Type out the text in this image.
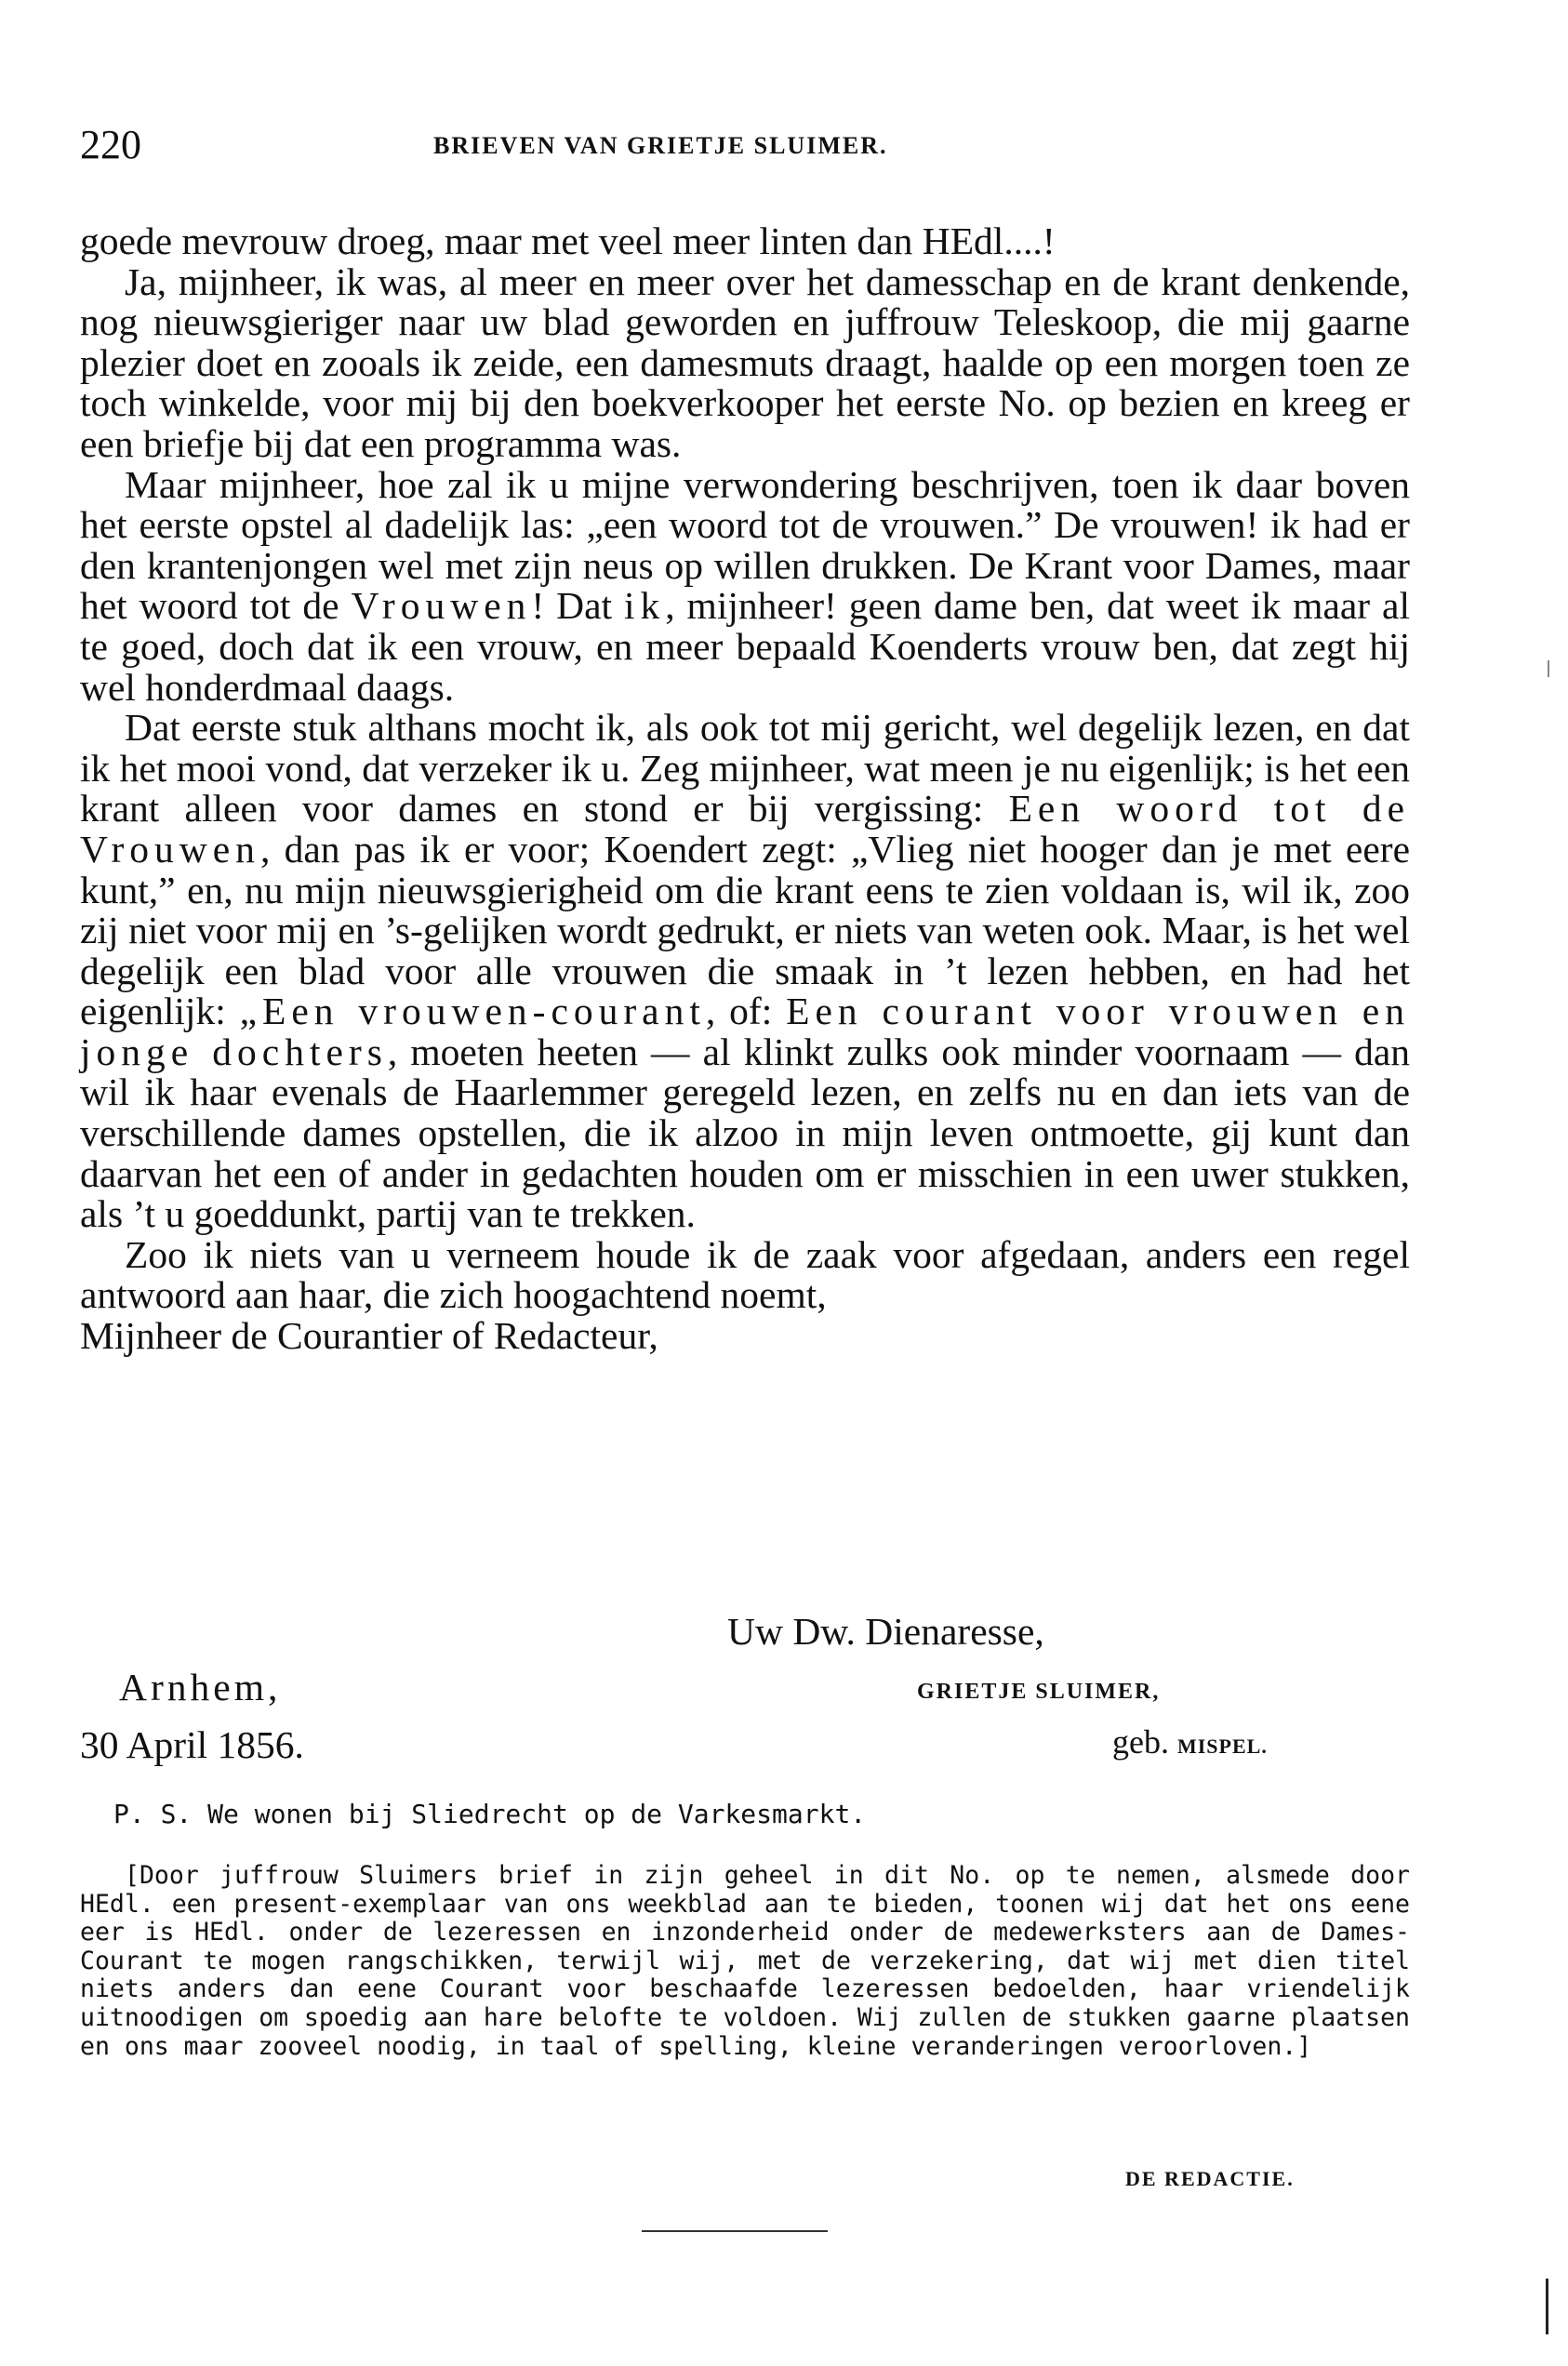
220	BRIEVEN VAN GRIETJE SLUIMER.

goede mevrouw droeg, maar met veel meer linten dan HEdl....!

Ja, mijnheer, ik was, al meer en meer over het damesschap en de krant denkende, nog nieuwsgieriger naar uw blad geworden en juffrouw Teleskoop, die mij gaarne plezier doet en zooals ik zeide, een damesmuts draagt, haalde op een morgen toen ze toch winkelde, voor mij bij den boekverkooper het eerste No. op bezien en kreeg er een briefje bij dat een programma was.

Maar mijnheer, hoe zal ik u mijne verwondering beschrijven, toen ik daar boven het eerste opstel al dadelijk las: „een woord tot de vrouwen.” De vrouwen! ik had er den krantenjongen wel met zijn neus op willen drukken. De Krant voor Dames, maar het woord tot de Vrouwen! Dat ik, mijnheer! geen dame ben, dat weet ik maar al te goed, doch dat ik een vrouw, en meer bepaald Koenderts vrouw ben, dat zegt hij wel honderdmaal daags.

Dat eerste stuk althans mocht ik, als ook tot mij gericht, wel degelijk lezen, en dat ik het mooi vond, dat verzeker ik u. Zeg mijnheer, wat meen je nu eigenlijk; is het een krant alleen voor dames en stond er bij vergissing: Een woord tot de Vrouwen, dan pas ik er voor; Koendert zegt: „Vlieg niet hooger dan je met eere kunt,” en, nu mijn nieuwsgierigheid om die krant eens te zien voldaan is, wil ik, zoo zij niet voor mij en ’s-gelijken wordt gedrukt, er niets van weten ook. Maar, is het wel degelijk een blad voor alle vrouwen die smaak in ’t lezen hebben, en had het eigenlijk: „Een vrouwen-courant, of: Een courant voor vrouwen en jonge dochters, moeten heeten — al klinkt zulks ook minder voornaam — dan wil ik haar evenals de Haarlemmer geregeld lezen, en zelfs nu en dan iets van de verschillende dames opstellen, die ik alzoo in mijn leven ontmoette, gij kunt dan daarvan het een of ander in gedachten houden om er misschien in een uwer stukken, als ’t u goeddunkt, partij van te trekken.

Zoo ik niets van u verneem houde ik de zaak voor afgedaan, anders een regel antwoord aan haar, die zich hoogachtend noemt,

Mijnheer de Courantier of Redacteur,

Uw Dw. Dienaresse,
Arnhem,	GRIETJE SLUIMER,
30 April 1856.	geb. MISPEL.
P. S. We wonen bij Sliedrecht op de Varkesmarkt.

[Door juffrouw Sluimers brief in zijn geheel in dit No. op te nemen, alsmede door HEdl. een present-exemplaar van ons weekblad aan te bieden, toonen wij dat het ons eene eer is HEdl. onder de lezeressen en inzonderheid onder de medewerksters aan de Dames-Courant te mogen rangschikken, terwijl wij, met de verzekering, dat wij met dien titel niets anders dan eene Courant voor beschaafde lezeressen bedoelden, haar vriendelijk uitnoodigen om spoedig aan hare belofte te voldoen. Wij zullen de stukken gaarne plaatsen en ons maar zooveel noodig, in taal of spelling, kleine veranderingen veroorloven.]

DE REDACTIE.
